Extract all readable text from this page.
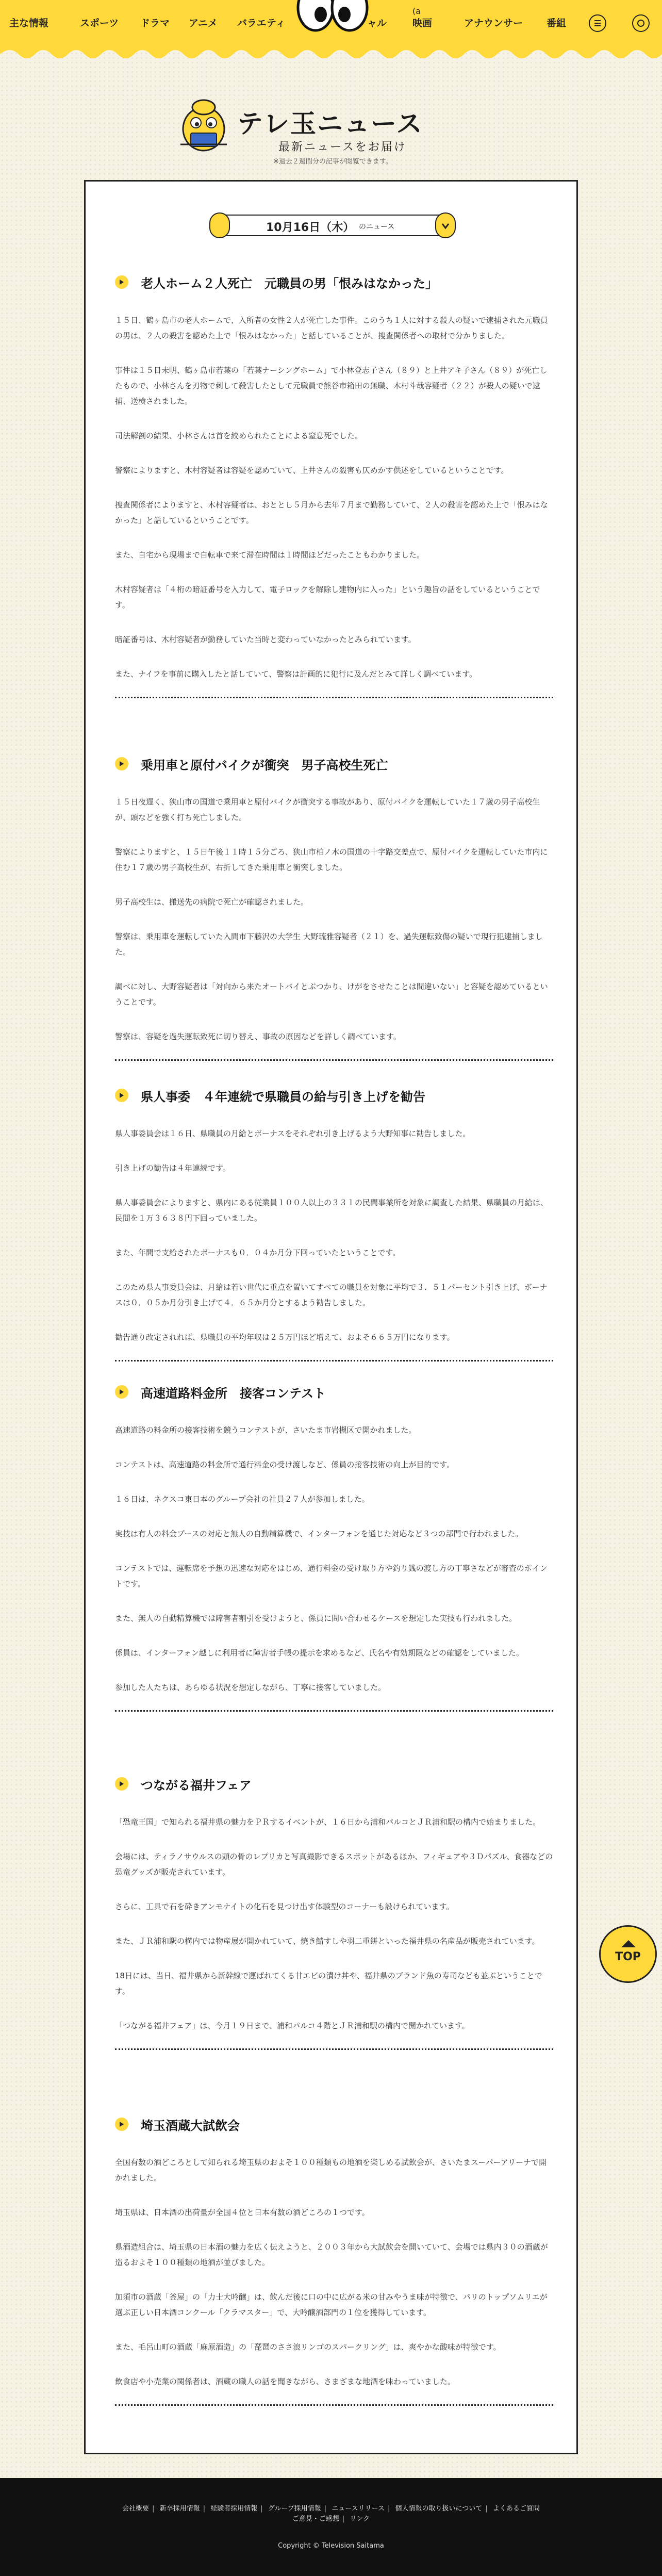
主な情報	スポーツ ドラマ アニメ バラエティ
(a
ャル	映画	アナウンサー 番組
テレ玉ニュース
最新ニュースをお届け
※過去２週間分の記事が閲覧できます。
10月16日（木） のニュース
老人ホーム２人死亡　元職員の男「恨みはなかった」

１５日、鶴ヶ島市の老人ホームで、入所者の女性２人が死亡した事件。このうち１人に対する殺人の疑いで逮捕された元職員の男は、２人の殺害を認めた上で「恨みはなかった」と話していることが、捜査関係者への取材で分かりました。

事件は１５日未明、鶴ヶ島市若葉の「若葉ナーシングホーム」で小林登志子さん（８９）と上井アキ子さん（８９）が死亡したもので、小林さんを刃物で刺して殺害したとして元職員で熊谷市箱田の無職、木村斗哉容疑者（２２）が殺人の疑いで逮捕、送検されました。

司法解剖の結果、小林さんは首を絞められたことによる窒息死でした。

警察によりますと、木村容疑者は容疑を認めていて、上井さんの殺害も仄めかす供述をしているということです。

捜査関係者によりますと、木村容疑者は、おととし５月から去年７月まで勤務していて、２人の殺害を認めた上で「恨みはなかった」と話しているということです。

また、自宅から現場まで自転車で来て滞在時間は１時間ほどだったこともわかりました。

木村容疑者は「４桁の暗証番号を入力して、電子ロックを解除し建物内に入った」という趣旨の話をしているということです。

暗証番号は、木村容疑者が勤務していた当時と変わっていなかったとみられています。

また、ナイフを事前に購入したと話していて、警察は計画的に犯行に及んだとみて詳しく調べています。

乗用車と原付バイクが衝突　男子高校生死亡

１５日夜遅く、狭山市の国道で乗用車と原付バイクが衝突する事故があり、原付バイクを運転していた１７歳の男子高校生が、頭などを強く打ち死亡しました。

警察によりますと、１５日午後１１時１５分ごろ、狭山市柏ノ木の国道の十字路交差点で、原付バイクを運転していた市内に住む１７歳の男子高校生が、右折してきた乗用車と衝突しました。

男子高校生は、搬送先の病院で死亡が確認されました。

警察は、乗用車を運転していた入間市下藤沢の大学生 大野琉雅容疑者（２１）を、過失運転致傷の疑いで現行犯逮捕しました。

調べに対し、大野容疑者は「対向から来たオートバイとぶつかり、けがをさせたことは間違いない」と容疑を認めているということです。

警察は、容疑を過失運転致死に切り替え、事故の原因などを詳しく調べています。

県人事委　４年連続で県職員の給与引き上げを勧告

県人事委員会は１６日、県職員の月給とボーナスをそれぞれ引き上げるよう大野知事に勧告しました。

引き上げの勧告は４年連続です。

県人事委員会によりますと、県内にある従業員１００人以上の３３１の民間事業所を対象に調査した結果、県職員の月給は、民間を１万３６３８円下回っていました。

また、年間で支給されたボーナスも０．０４か月分下回っていたということです。

このため県人事委員会は、月給は若い世代に重点を置いてすべての職員を対象に平均で３．５１パーセント引き上げ、ボーナスは０．０５か月分引き上げて４．６５か月分とするよう勧告しました。

勧告通り改定されれば、県職員の平均年収は２５万円ほど増えて、およそ６６５万円になります。

高速道路料金所　接客コンテスト

高速道路の料金所の接客技術を競うコンテストが、さいたま市岩槻区で開かれました。

コンテストは、高速道路の料金所で通行料金の受け渡しなど、係員の接客技術の向上が目的です。

１６日は、ネクスコ東日本のグループ会社の社員２７人が参加しました。

実技は有人の料金ブースの対応と無人の自動精算機で、インターフォンを通じた対応など３つの部門で行われました。

コンテストでは、運転席を予想の迅速な対応をはじめ、通行料金の受け取り方や釣り銭の渡し方の丁寧さなどが審査のポイントです。

また、無人の自動精算機では障害者割引を受けようと、係員に問い合わせるケースを想定した実技も行われました。

係員は、インターフォン越しに利用者に障害者手帳の提示を求めるなど、氏名や有効期限などの確認をしていました。

参加した人たちは、あらゆる状況を想定しながら、丁寧に接客していました。

つながる福井フェア

「恐竜王国」で知られる福井県の魅力をＰＲするイベントが、１６日から浦和パルコとＪＲ浦和駅の構内で始まりました。

会場には、ティラノサウルスの頭の骨のレプリカと写真撮影できるスポットがあるほか、フィギュアや３Ｄパズル、食器などの恐竜グッズが販売されています。

さらに、工具で石を砕きアンモナイトの化石を見つけ出す体験型のコーナーも設けられています。

また、ＪＲ浦和駅の構内では物産展が開かれていて、焼き鯖すしや羽二重餅といった福井県の名産品が販売されています。

18日には、当日、福井県から新幹線で運ばれてくる甘エビの漬け丼や、福井県のブランド魚の寿司なども並ぶということです。

「つながる福井フェア」は、今月１９日まで、浦和パルコ４階とＪＲ浦和駅の構内で開かれています。

埼玉酒蔵大試飲会

全国有数の酒どころとして知られる埼玉県のおよそ１００種類もの地酒を楽しめる試飲会が、さいたまスーパーアリーナで開かれました。

埼玉県は、日本酒の出荷量が全国４位と日本有数の酒どころの１つです。

県酒造組合は、埼玉県の日本酒の魅力を広く伝えようと、２００３年から大試飲会を開いていて、会場では県内３０の酒蔵が造るおよそ１００種類の地酒が並びました。

加須市の酒蔵「釜屋」の「力士大吟醸」は、飲んだ後に口の中に広がる米の甘みやうま味が特徴で、パリのトップソムリエが選ぶ正しい日本酒コンクール「クラマスター」で、大吟醸酒部門の１位を獲得しています。

また、毛呂山町の酒蔵「麻原酒造」の「琵琶のささ浪リンゴのスパークリング」は、爽やかな酸味が特徴です。

飲食店や小売業の関係者は、酒蔵の職人の話を聞きながら、さまざまな地酒を味わっていました。

TOP
会社概要 | 新卒採用情報 | 経験者採用情報 | グループ採用情報 | ニュースリリース | 個人情報の取り扱いについて | よくあるご質問
ご意見・ご感想 | リンク
Copyright © Television Saitama
